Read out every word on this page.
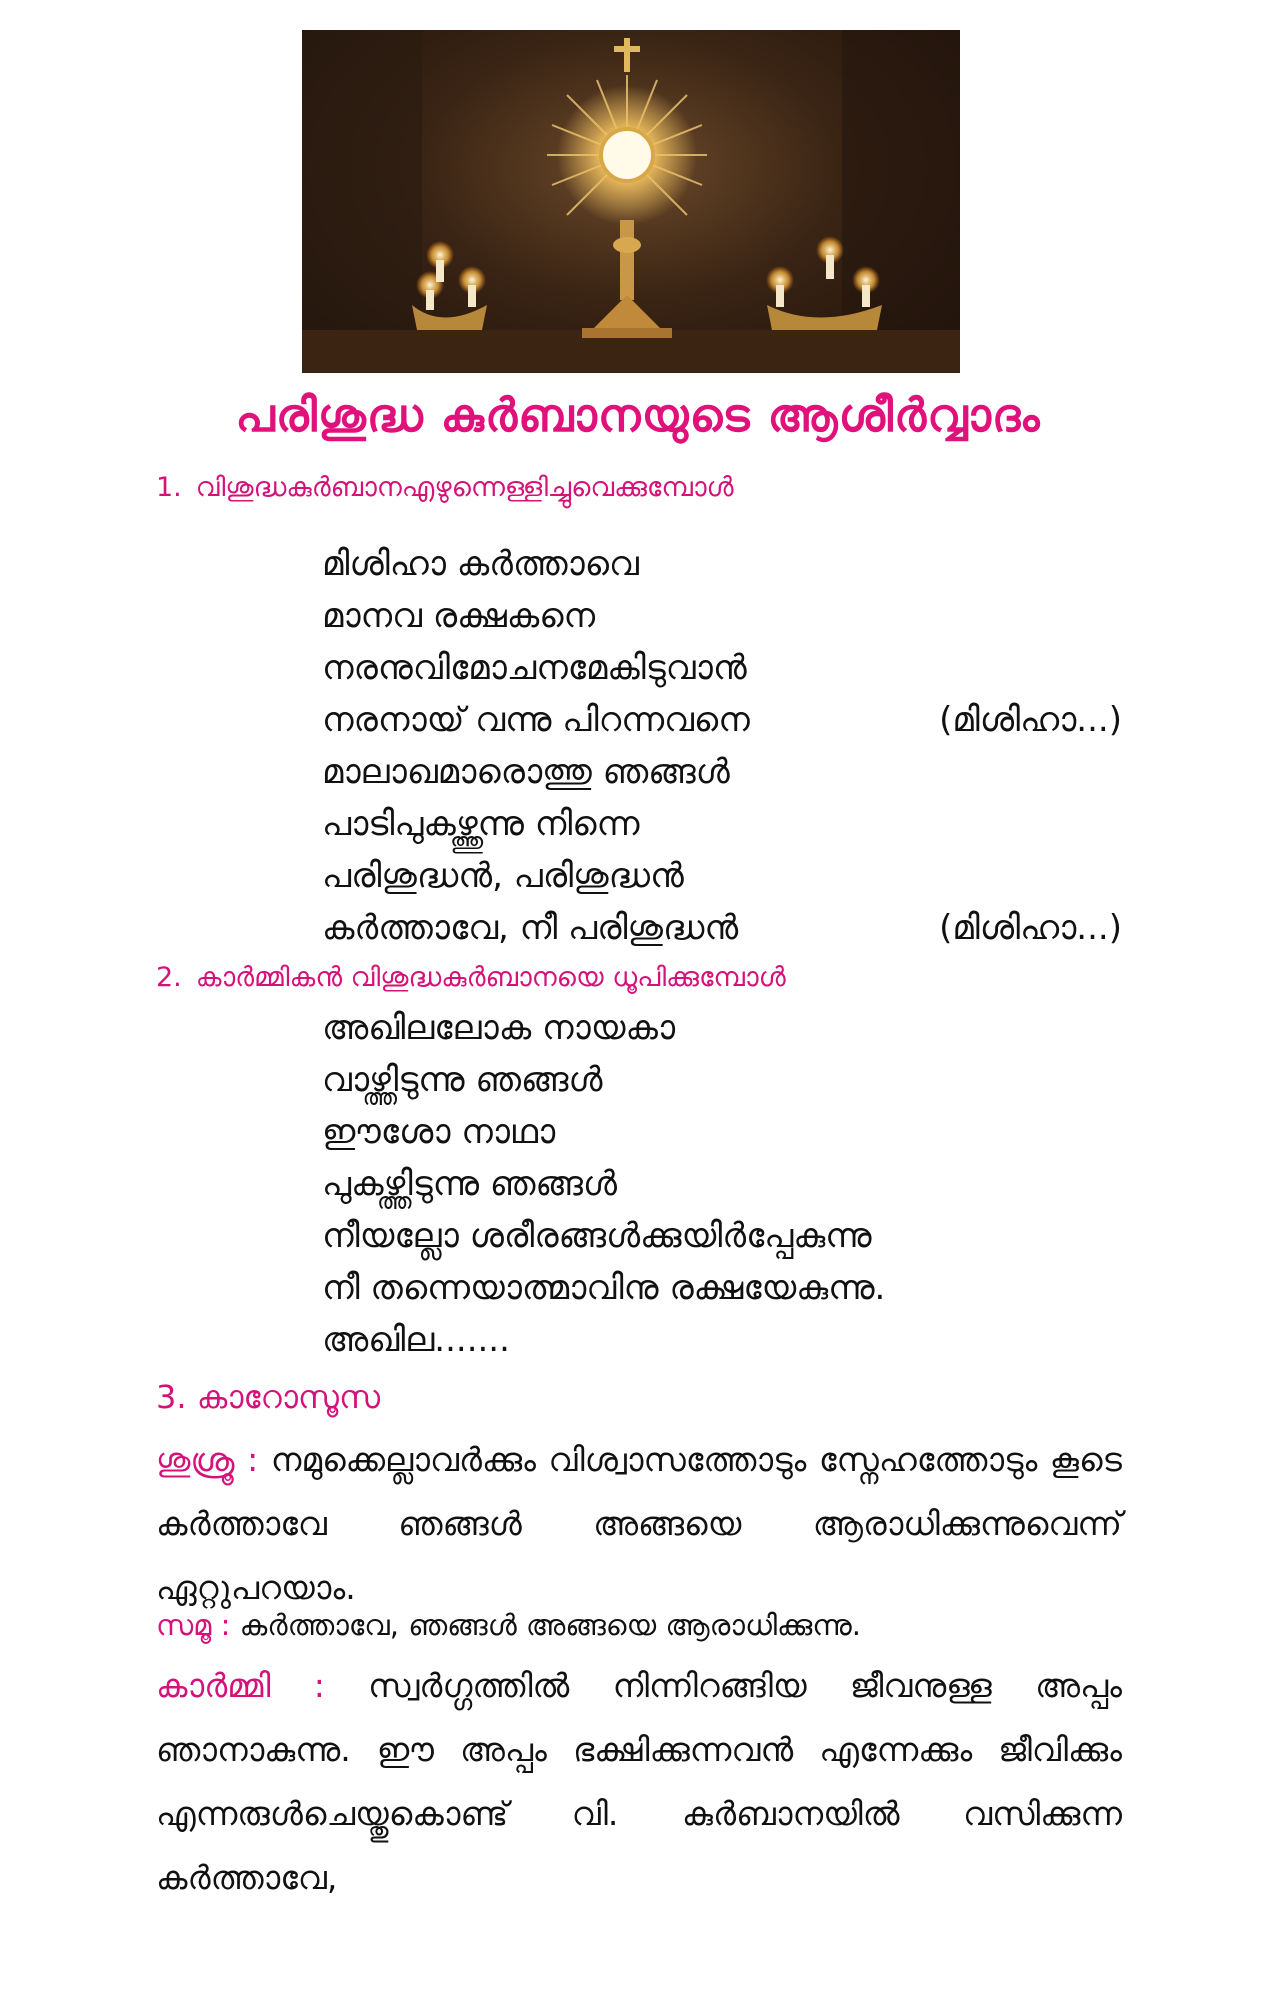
പരിശുദ്ധ കുർബാനയുടെ ആശീർവ്വാദം
1. വിശുദ്ധകുർബാനഎഴുന്നെള്ളിച്ചുവെക്കുമ്പോൾ
മിശിഹാ കർത്താവെ
മാനവ രക്ഷകനെ
നരനുവിമോചനമേകിടുവാൻ
നരനായ് വന്നു പിറന്നവനെ	(മിശിഹാ...)
മാലാഖമാരൊത്തു ഞങ്ങൾ
പാടിപുകഴ്ത്തുന്നു നിന്നെ
പരിശുദ്ധൻ, പരിശുദ്ധൻ
കർത്താവേ, നീ പരിശുദ്ധൻ	(മിശിഹാ...)
2. കാർമ്മികൻ വിശുദ്ധകുർബാനയെ ധൂപിക്കുമ്പോൾ
അഖിലലോക നായകാ
വാഴ്ത്തിടുന്നു ഞങ്ങൾ
ഈശോ നാഥാ
പുകഴ്ത്തിടുന്നു ഞങ്ങൾ
നീയല്ലോ ശരീരങ്ങൾക്കുയിർപ്പേകുന്നു
നീ തന്നെയാത്മാവിനു രക്ഷയേകുന്നു.
അഖില.......
3. കാറോസൂസ
ശുശ്രൂ : നമുക്കെല്ലാവർക്കും വിശ്വാസത്തോടും സ്നേഹത്തോടും കൂടെ കർത്താവേ ഞങ്ങൾ അങ്ങയെ ആരാധിക്കുന്നുവെന്ന് ഏറ്റുപറയാം.
സമൂ : കർത്താവേ, ഞങ്ങൾ അങ്ങയെ ആരാധിക്കുന്നു.
കാർമ്മി : സ്വർഗ്ഗത്തിൽ നിന്നിറങ്ങിയ ജീവനുള്ള അപ്പം ഞാനാകുന്നു. ഈ അപ്പം ഭക്ഷിക്കുന്നവൻ എന്നേക്കും ജീവിക്കും എന്നരുൾചെയ്തുകൊണ്ട് വി. കുർബാനയിൽ വസിക്കുന്ന കർത്താവേ,
